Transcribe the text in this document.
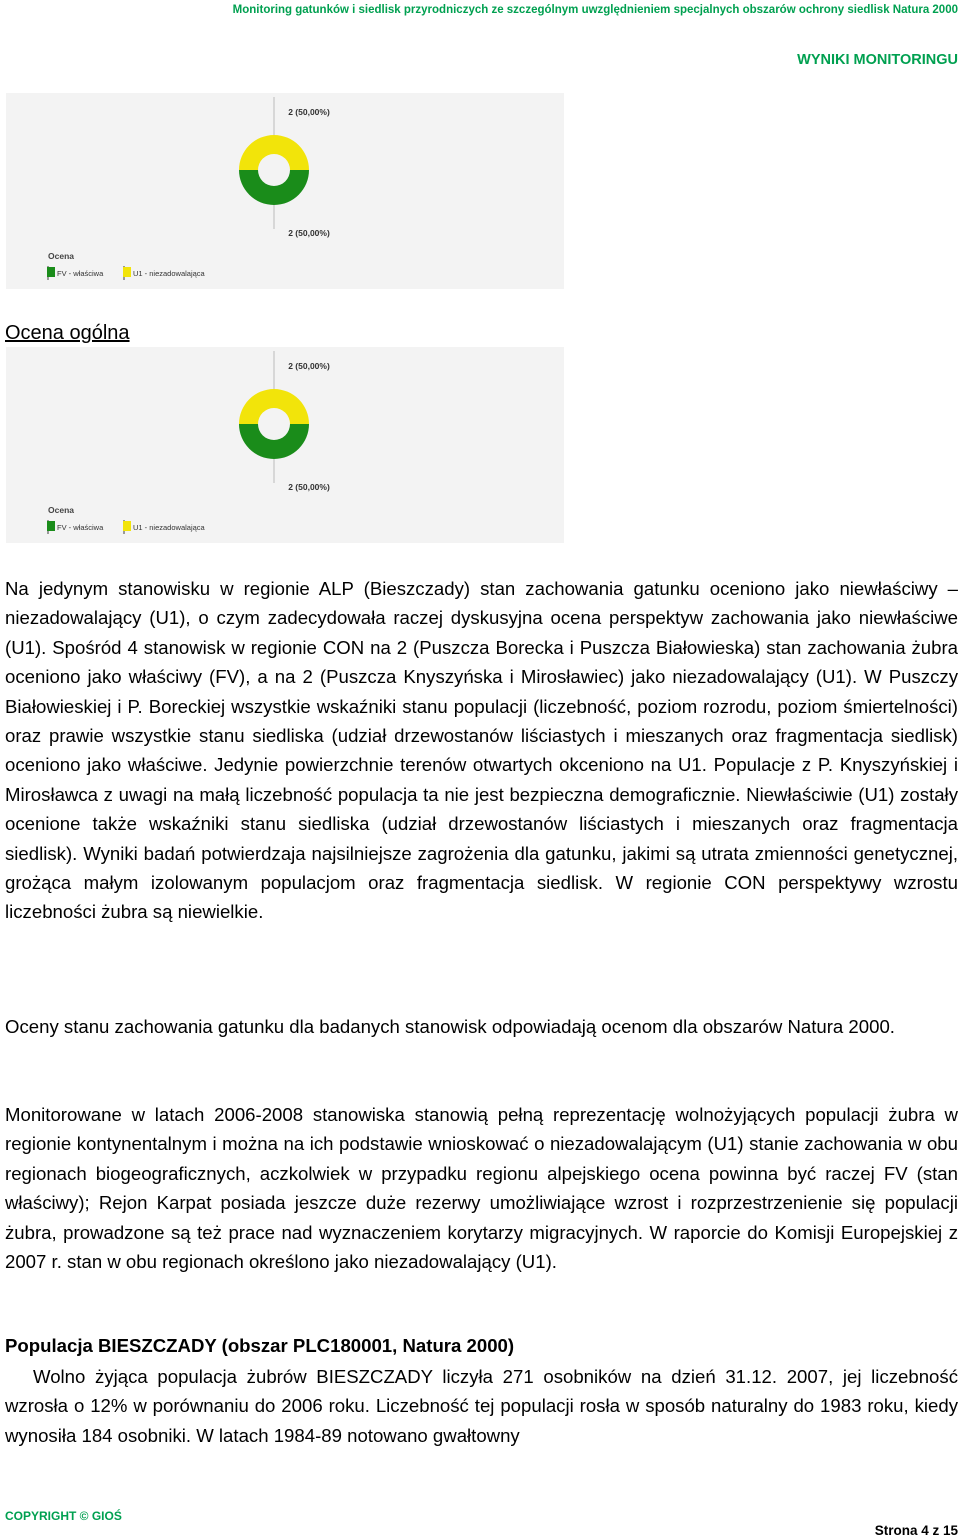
Monitoring gatunków i siedlisk przyrodniczych ze szczególnym uwzględnieniem specjalnych obszarów ochrony siedlisk Natura 2000
WYNIKI MONITORINGU
2 (50,00%)
2 (50,00%)
Ocena
FV - właściwa	U1 - niezadowalająca
Ocena ogólna
2 (50,00%)
2 (50,00%)
Ocena
FV - właściwa	U1 - niezadowalająca

Na jedynym stanowisku w regionie ALP (Bieszczady) stan zachowania gatunku oceniono jako niewłaściwy – niezadowalający (U1), o czym zadecydowała raczej dyskusyjna ocena perspektyw zachowania jako niewłaściwe (U1). Spośród 4 stanowisk w regionie CON na 2 (Puszcza Borecka i Puszcza Białowieska) stan zachowania żubra oceniono jako właściwy (FV), a na 2 (Puszcza Knyszyńska i Mirosławiec) jako niezadowalający (U1). W Puszczy Białowieskiej i P. Boreckiej wszystkie wskaźniki stanu populacji (liczebność, poziom rozrodu, poziom śmiertelności) oraz prawie wszystkie stanu siedliska (udział drzewostanów liściastych i mieszanych oraz fragmentacja siedlisk) oceniono jako właściwe. Jedynie powierzchnie terenów otwartych okceniono na U1. Populacje z P. Knyszyńskiej i Mirosławca z uwagi na małą liczebność populacja ta nie jest bezpieczna demograficznie. Niewłaściwie (U1) zostały ocenione także wskaźniki stanu siedliska (udział drzewostanów liściastych i mieszanych oraz fragmentacja siedlisk). Wyniki badań potwierdzaja najsilniejsze zagrożenia dla gatunku, jakimi są utrata zmienności genetycznej, grożąca małym izolowanym populacjom oraz fragmentacja siedlisk. W regionie CON perspektywy wzrostu liczebności żubra są niewielkie.

Oceny stanu zachowania gatunku dla badanych stanowisk odpowiadają ocenom dla obszarów Natura 2000.

Monitorowane w latach 2006-2008 stanowiska stanowią pełną reprezentację wolnożyjących populacji żubra w regionie kontynentalnym i można na ich podstawie wnioskować o niezadowalającym (U1) stanie zachowania w obu regionach biogeograficznych, aczkolwiek w przypadku regionu alpejskiego ocena powinna być raczej FV (stan właściwy); Rejon Karpat posiada jeszcze duże rezerwy umożliwiające wzrost i rozprzestrzenienie się populacji żubra, prowadzone są też prace nad wyznaczeniem korytarzy migracyjnych. W raporcie do Komisji Europejskiej z 2007 r. stan w obu regionach określono jako niezadowalający (U1).

Populacja BIESZCZADY (obszar PLC180001, Natura 2000)

Wolno żyjąca populacja żubrów BIESZCZADY liczyła 271 osobników na dzień 31.12. 2007, jej liczebność wzrosła o 12% w porównaniu do 2006 roku. Liczebność tej populacji rosła w sposób naturalny do 1983 roku, kiedy wynosiła 184 osobniki. W latach 1984-89 notowano gwałtowny

COPYRIGHT © GIOŚ
Strona 4 z 15
